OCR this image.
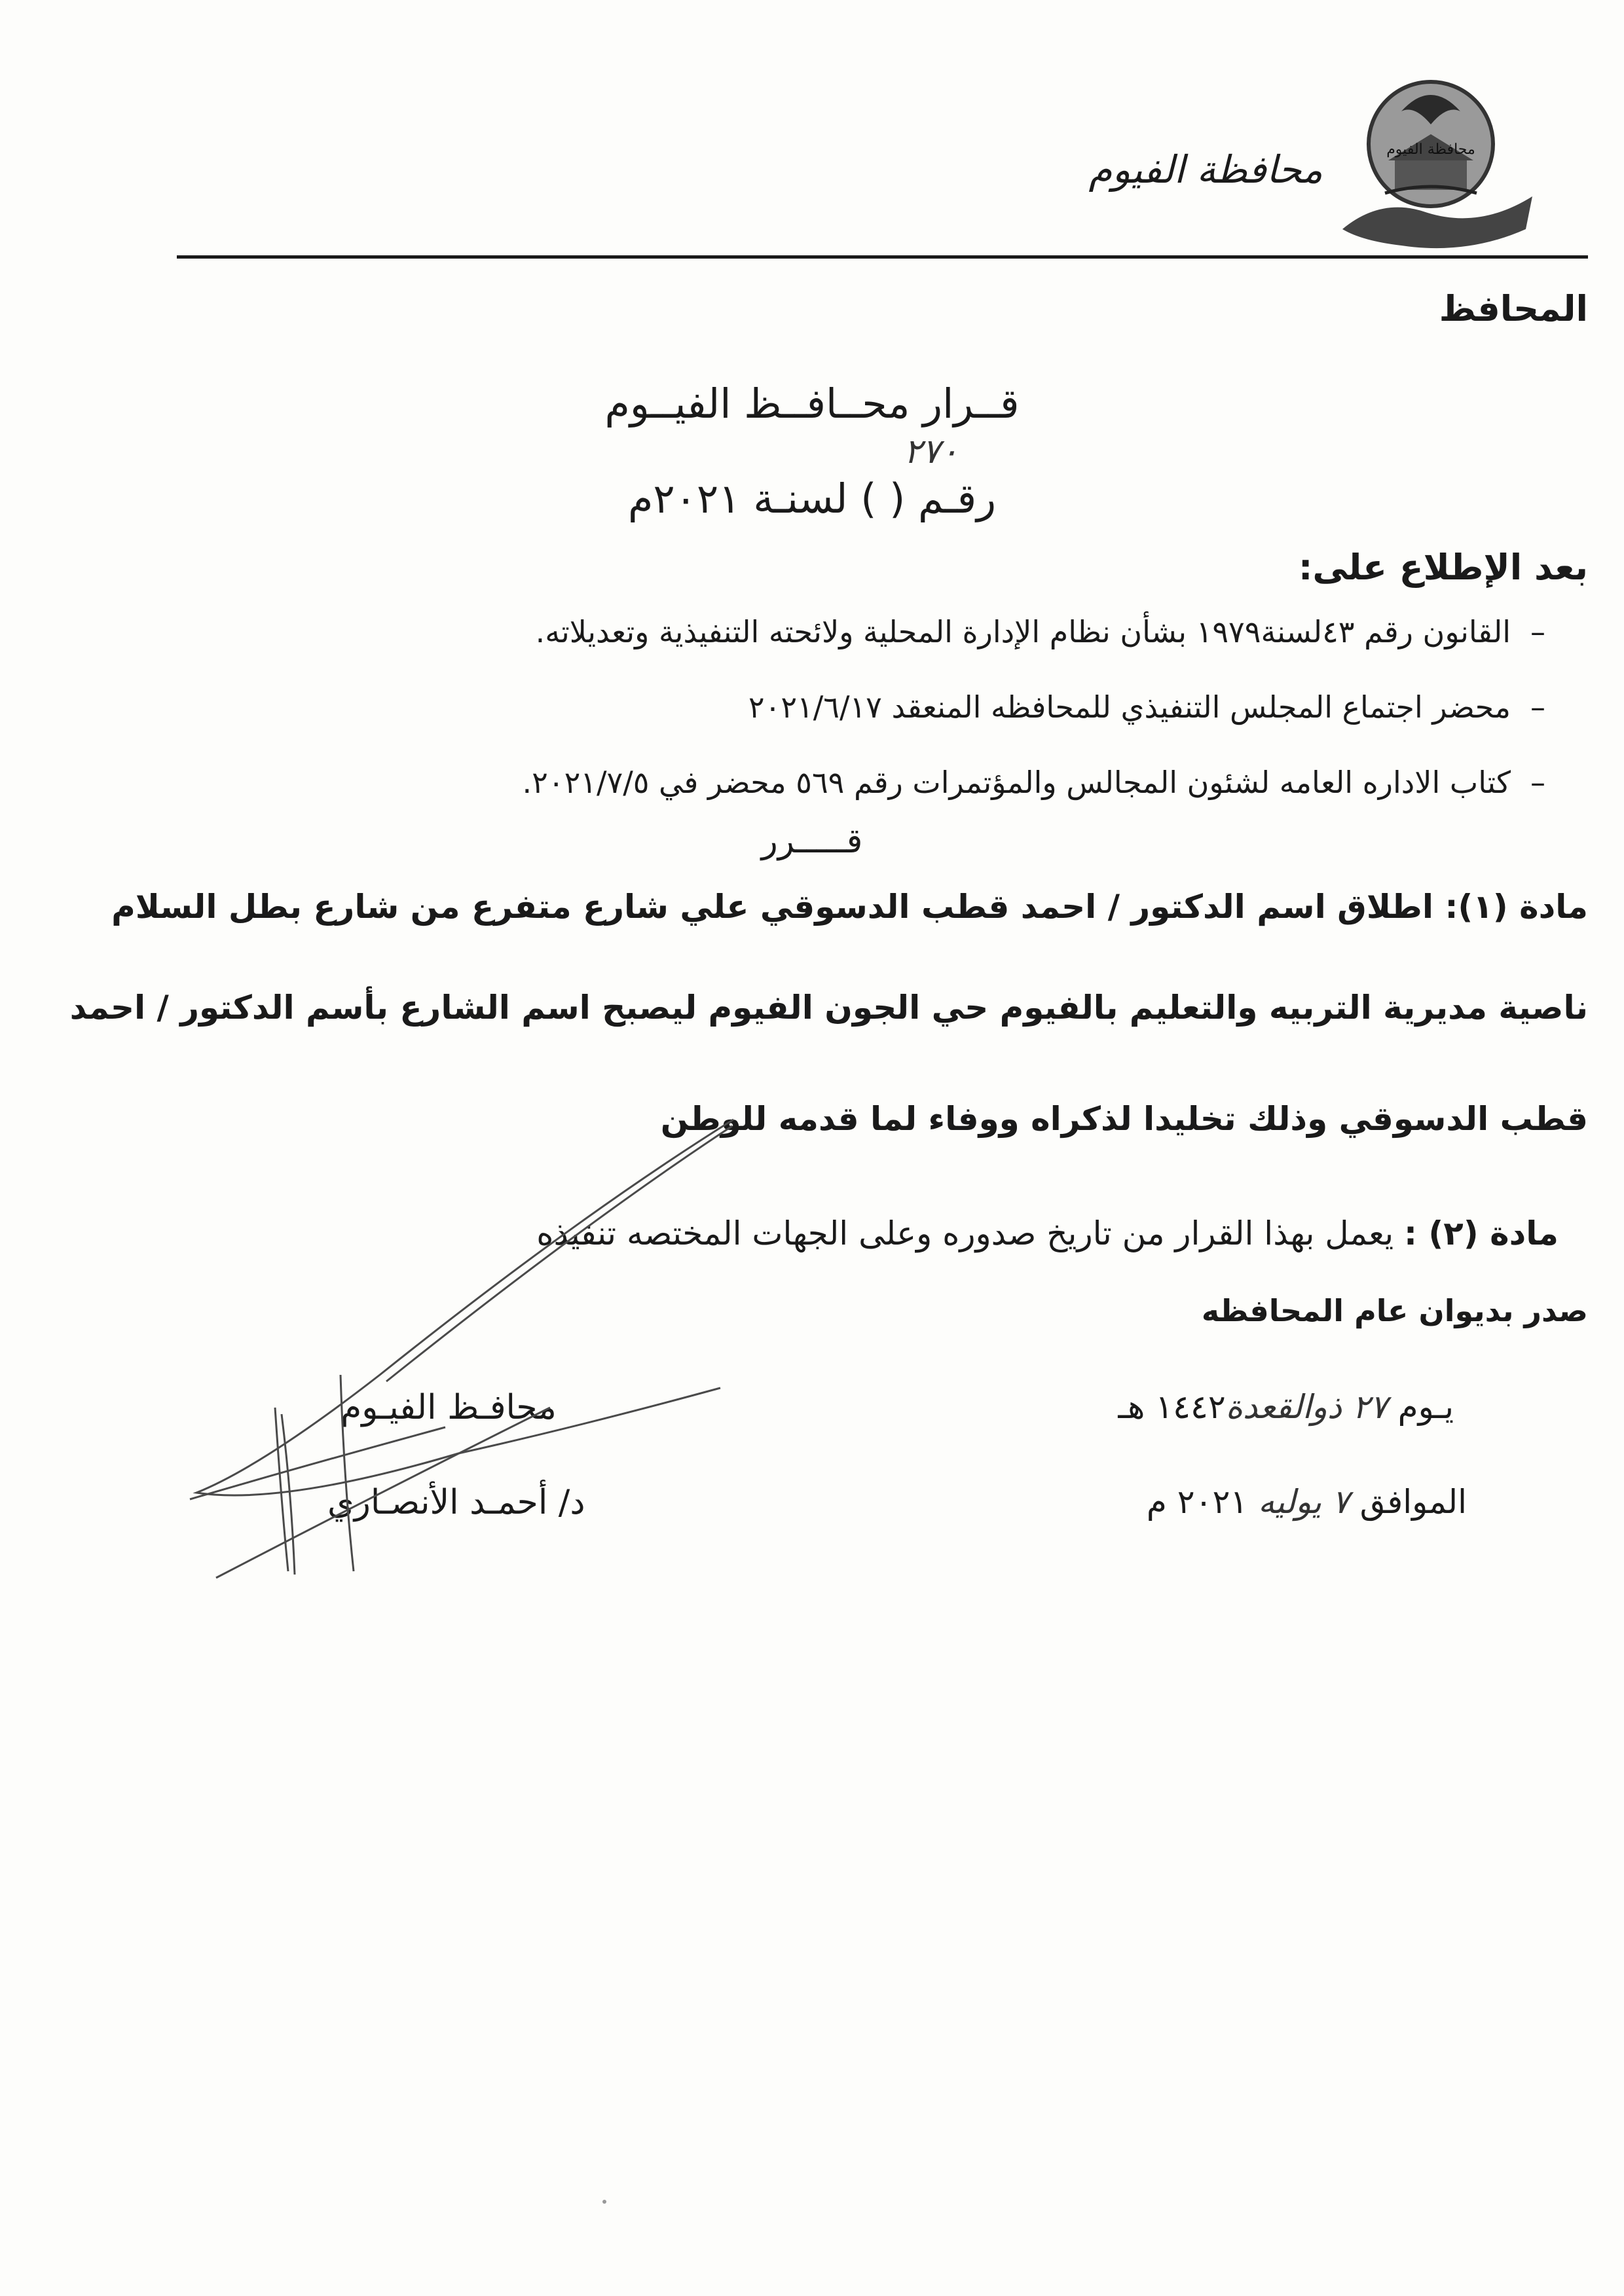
محافظة الفيوم
محافظة الفيوم
المحافظ
قــرار محــافــظ الفيــوم
٢٧٠
رقـم ( ) لسنـة ٢٠٢١م
بعد الإطلاع على:
–القانون رقم ٤٣لسنة١٩٧٩ بشأن نظام الإدارة المحلية ولائحته التنفيذية وتعديلاته.
–محضر اجتماع المجلس التنفيذي للمحافظه المنعقد ٢٠٢١/٦/١٧
–كتاب الاداره العامه لشئون المجالس والمؤتمرات رقم ٥٦٩ محضر في ٢٠٢١/٧/٥.
قـــــرر
مادة (١): اطلاق اسم الدكتور / احمد قطب الدسوقي علي شارع متفرع من شارع بطل السلام
ناصية مديرية التربيه والتعليم بالفيوم حي الجون الفيوم ليصبح اسم الشارع بأسم الدكتور / احمد
قطب الدسوقي وذلك تخليدا لذكراه ووفاء لما قدمه للوطن
مادة (٢) : يعمل بهذا القرار من تاريخ صدوره وعلى الجهات المختصه تنفيذه
صدر بديوان عام المحافظه
محافـظ الفيـوم
د/ أحمـد الأنصـاري
يـوم ٢٧ ذوالقعدة١٤٤٢ هـ
الموافق ٧ يوليه ٢٠٢١ م
